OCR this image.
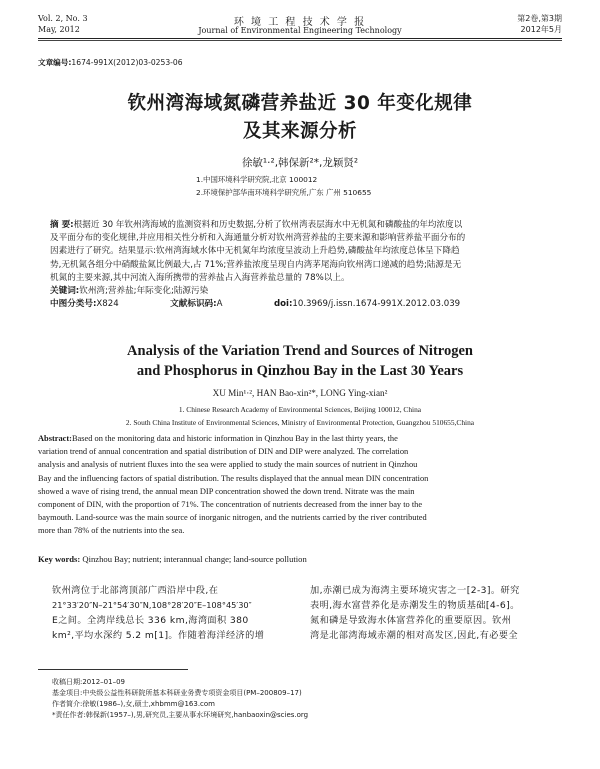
Vol. 2, No. 3
May, 2012
环 境 工 程 技 术 学 报
Journal of Environmental Engineering Technology
第2卷,第3期
2012年5月
文章编号:1674-991X(2012)03-0253-06
钦州湾海域氮磷营养盐近 30 年变化规律
及其来源分析
徐敏¹·²,韩保新²*,龙颖贤²
1.中国环境科学研究院,北京 100012
2.环境保护部华南环境科学研究所,广东 广州 510655
摘 要:根据近 30 年钦州湾海域的监测资料和历史数据,分析了钦州湾表层海水中无机氮和磷酸盐的年均浓度以
及平面分布的变化规律,并应用相关性分析和入海通量分析对钦州湾营养盐的主要来源和影响营养盐平面分布的
因素进行了研究。结果显示:钦州湾海域水体中无机氮年均浓度呈波动上升趋势,磷酸盐年均浓度总体呈下降趋
势,无机氮各组分中硝酸盐氮比例最大,占 71%;营养盐浓度呈现自内湾茅尾海向钦州湾口递减的趋势;陆源是无
机氮的主要来源,其中河流入海所携带的营养盐占入海营养盐总量的 78%以上。
关键词:钦州湾;营养盐;年际变化;陆源污染
中图分类号:X824	文献标识码:A	doi:10.3969/j.issn.1674-991X.2012.03.039
Analysis of the Variation Trend and Sources of Nitrogen
and Phosphorus in Qinzhou Bay in the Last 30 Years
XU Min¹·², HAN Bao-xin²*, LONG Ying-xian²
1. Chinese Research Academy of Environmental Sciences, Beijing 100012, China
2. South China Institute of Environmental Sciences, Ministry of Environmental Protection, Guangzhou 510655,China
Abstract:Based on the monitoring data and historic information in Qinzhou Bay in the last thirty years, the
variation trend of annual concentration and spatial distribution of DIN and DIP were analyzed. The correlation
analysis and analysis of nutrient fluxes into the sea were applied to study the main sources of nutrient in Qinzhou
Bay and the influencing factors of spatial distribution. The results displayed that the annual mean DIN concentration
showed a wave of rising trend, the annual mean DIP concentration showed the down trend. Nitrate was the main
component of DIN, with the proportion of 71%. The concentration of nutrients decreased from the inner bay to the
baymouth. Land-source was the main source of inorganic nitrogen, and the nutrients carried by the river contributed
more than 78% of the nutrients into the sea.
Key words: Qinzhou Bay; nutrient; interannual change; land-source pollution
钦州湾位于北部湾顶部广西沿岸中段,在
21°33′20″N–21°54′30″N,108°28′20″E–108°45′30″
E之间。全湾岸线总长 336 km,海湾面积 380
km²,平均水深约 5.2 m[1]。作随着海洋经济的增
加,赤潮已成为海湾主要环境灾害之一[2-3]。研究
表明,海水富营养化是赤潮发生的物质基础[4-6]。
氮和磷是导致海水体富营养化的重要原因。钦州
湾是北部湾海域赤潮的相对高发区,因此,有必要全
收稿日期:2012–01–09
基金项目:中央级公益性科研院所基本科研业务费专项资金项目(PM–200809–17)
作者简介:徐敏(1986–),女,硕士,xhbmm@163.com
*责任作者:韩保新(1957–),男,研究员,主要从事水环境研究,hanbaoxin@scies.org
